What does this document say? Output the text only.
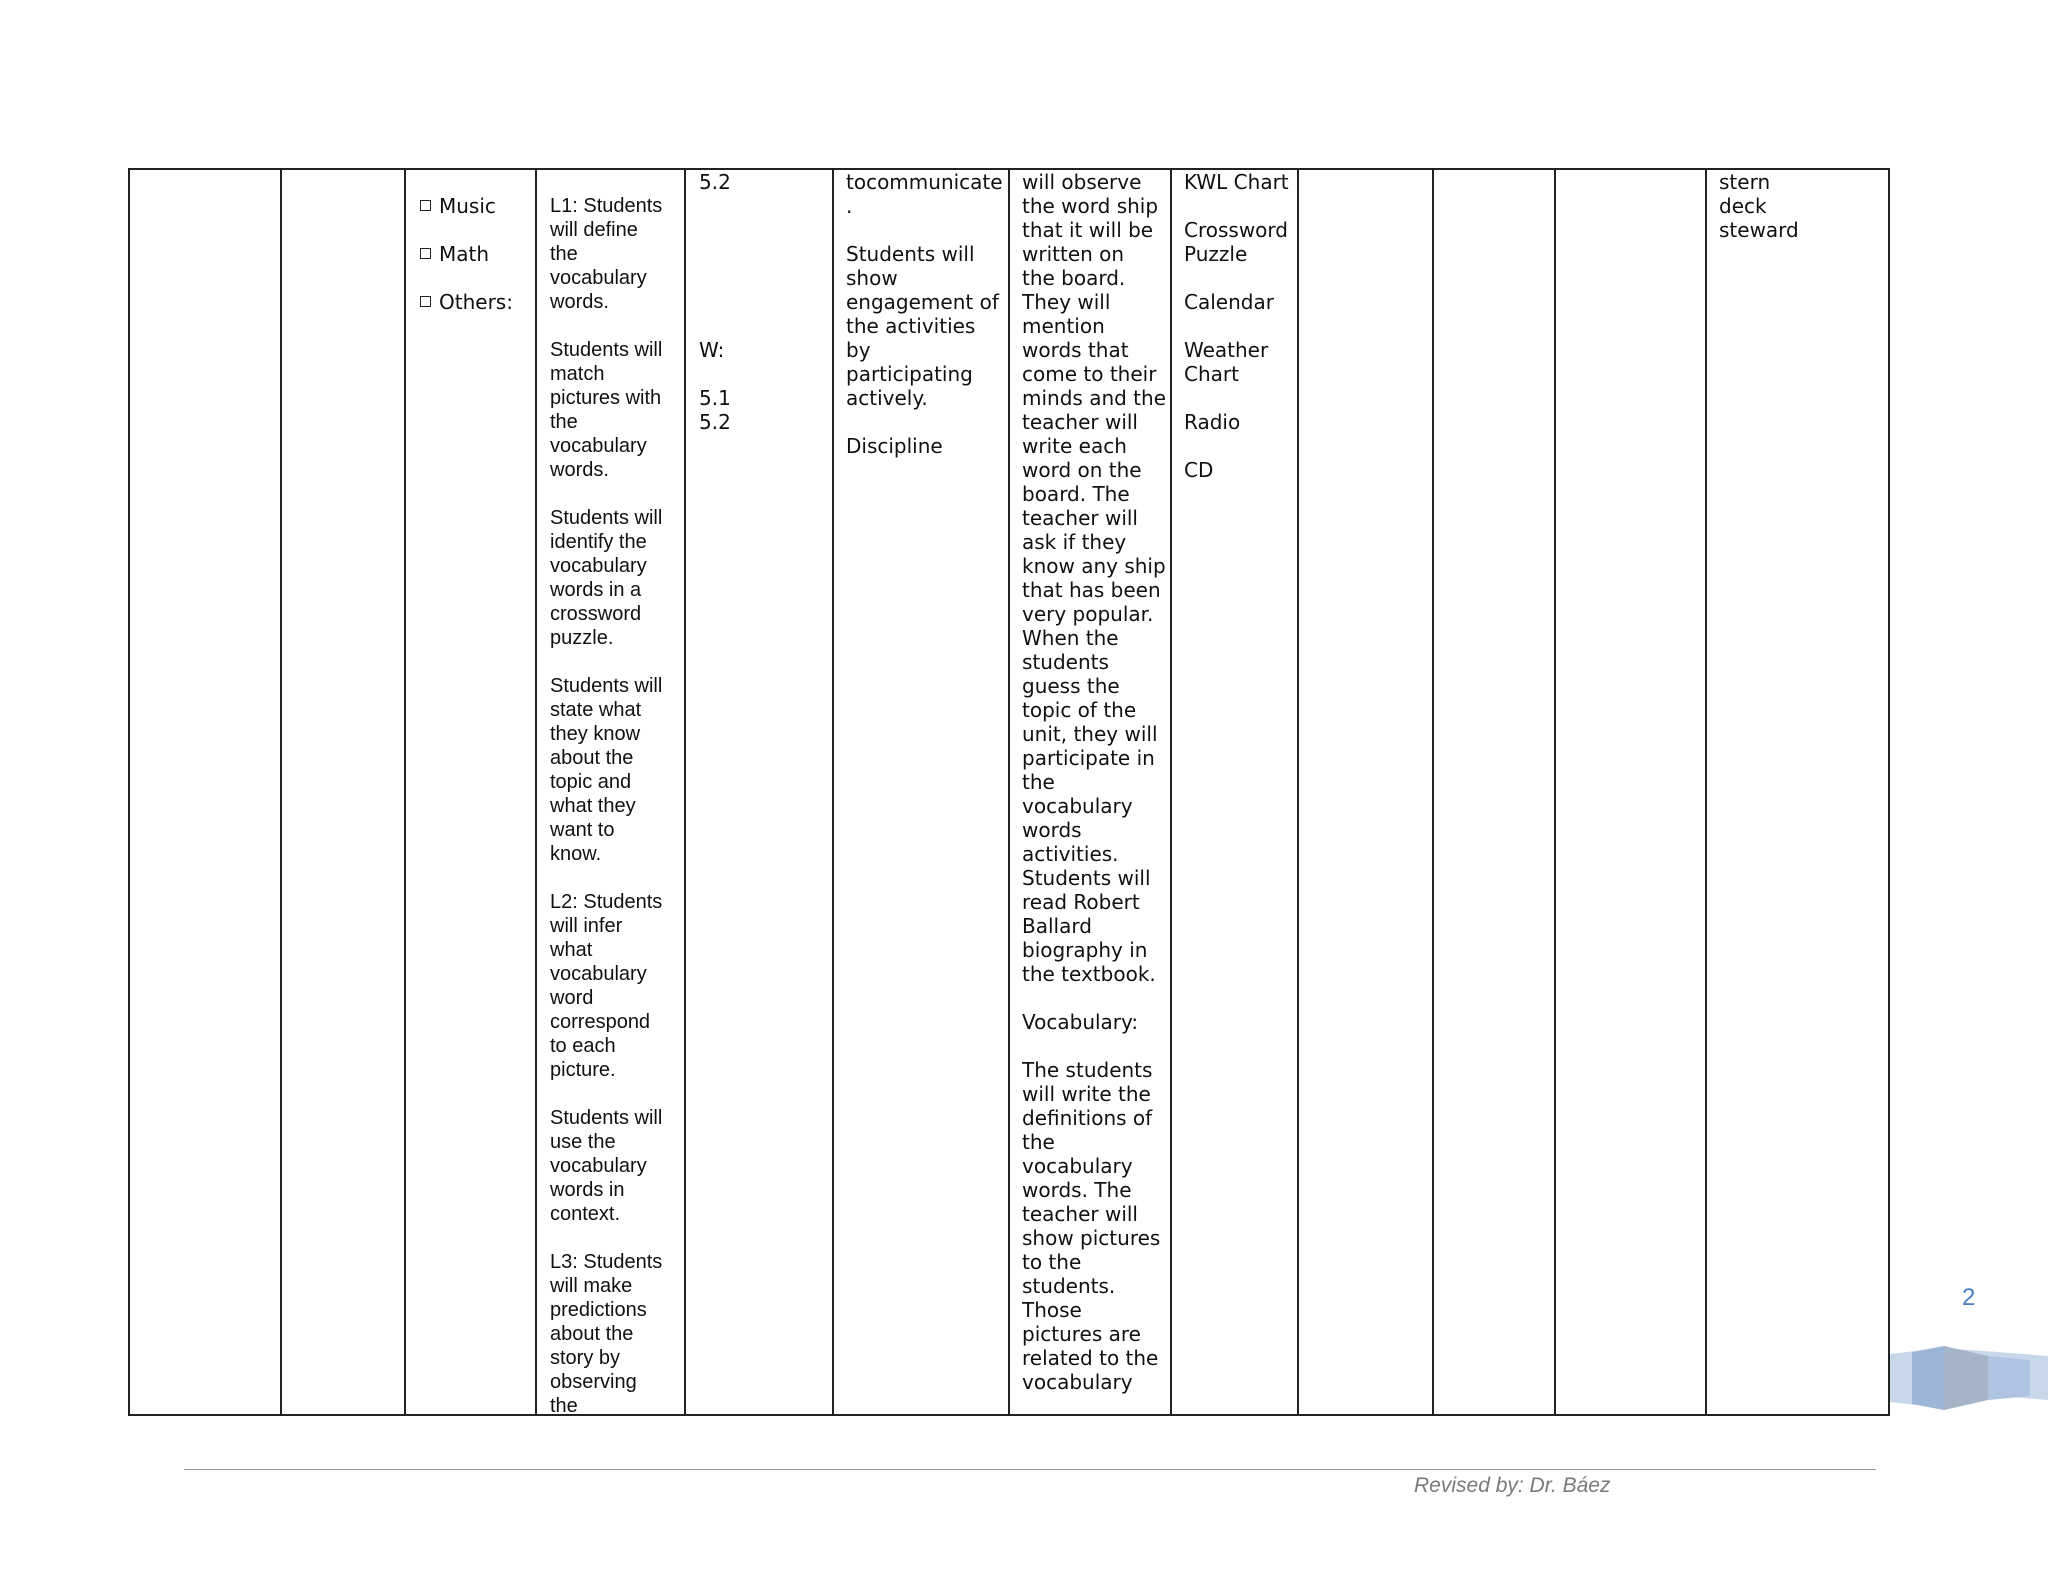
Music
Math
Others:
L1: Students
will define
the
vocabulary
words.
Students will
match
pictures with
the
vocabulary
words.
Students will
identify the
vocabulary
words in a
crossword
puzzle.
Students will
state what
they know
about the
topic and
what they
want to
know.
L2: Students
will infer
what
vocabulary
word
correspond
to each
picture.
Students will
use the
vocabulary
words in
context.
L3: Students
will make
predictions
about the
story by
observing
the
5.2
W:
5.1
5.2
tocommunicate
.
Students will
show
engagement of
the activities
by
participating
actively.
Discipline
will observe
the word ship
that it will be
written on
the board.
They will
mention
words that
come to their
minds and the
teacher will
write each
word on the
board. The
teacher will
ask if they
know any ship
that has been
very popular.
When the
students
guess the
topic of the
unit, they will
participate in
the
vocabulary
words
activities.
Students will
read Robert
Ballard
biography in
the textbook.
Vocabulary:
The students
will write the
definitions of
the
vocabulary
words. The
teacher will
show pictures
to the
students.
Those
pictures are
related to the
vocabulary
KWL Chart
Crossword
Puzzle
Calendar
Weather
Chart
Radio
CD
stern
deck
steward
2
Revised by: Dr. Báez
